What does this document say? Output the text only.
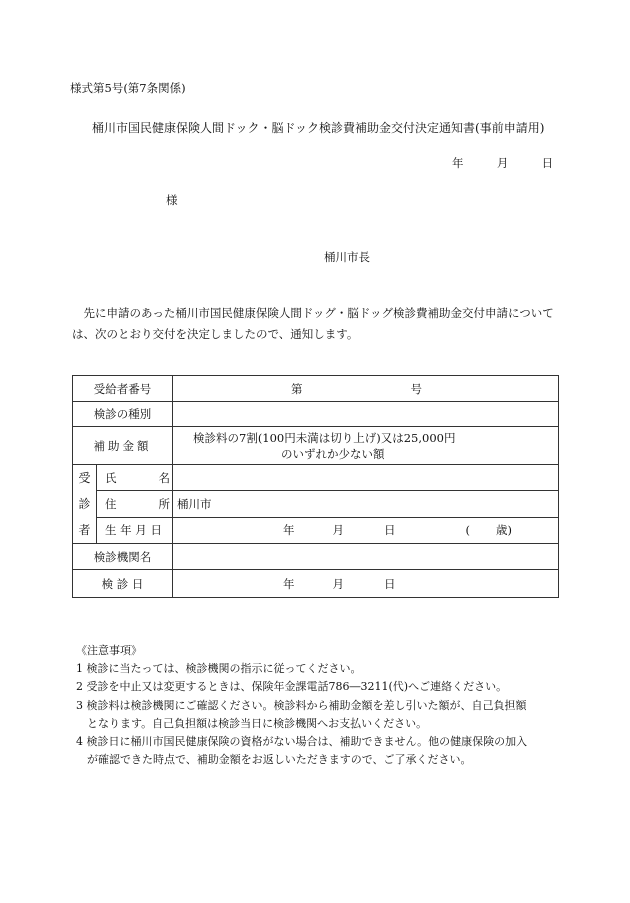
様式第5号(第7条関係)
桶川市国民健康保険人間ドック・脳ドック検診費補助金交付決定通知書(事前申請用)
年	月	日
様
桶川市長
先に申請のあった桶川市国民健康保険人間ドッグ・脳ドッグ検診費補助金交付申請については、次のとおり交付を決定しましたので、通知します。
受給者番号		第 号
検診の種別		
補助金額		検診料の7割(100円未満は切り上げ)又は25,000円
のいずれか少ない額

受
診
者	氏 名	
	住 所	桶川市
	生 年 月 日	年 月 日 ( 歳)
検診機関名		
検 診 日		年 月 日
《注意事項》
1 検診に当たっては、検診機関の指示に従ってください。
2 受診を中止又は変更するときは、保険年金課電話786―3211(代)へご連絡ください。
3 検診料は検診機関にご確認ください。検診料から補助金額を差し引いた額が、自己負担額
　となります。自己負担額は検診当日に検診機関へお支払いください。
4 検診日に桶川市国民健康保険の資格がない場合は、補助できません。他の健康保険の加入
　が確認できた時点で、補助金額をお返しいただきますので、ご了承ください。
